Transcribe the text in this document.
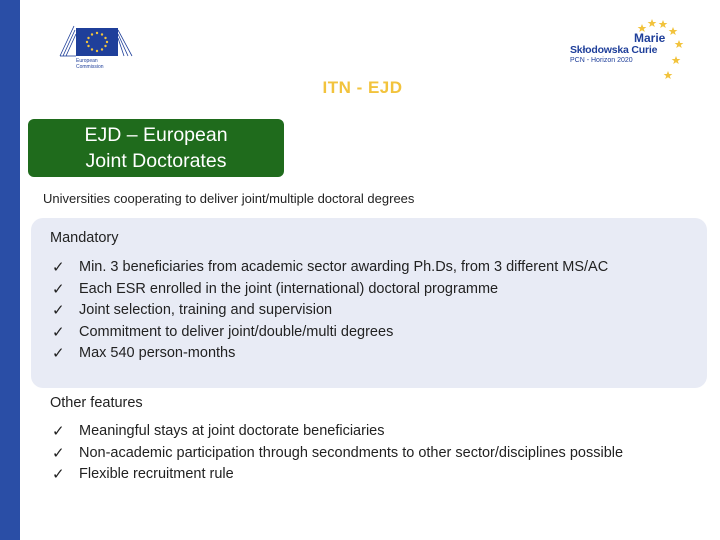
European
Commission
Marie
Skłodowska Curie
PCN - Horizon 2020
ITN - EJD
EJD – European
Joint Doctorates
Universities cooperating to deliver joint/multiple doctoral degrees
Mandatory
✓ Min. 3 beneficiaries from academic sector awarding Ph.Ds, from 3 different MS/AC
✓ Each ESR enrolled in the joint (international) doctoral programme
✓ Joint selection, training and supervision
✓ Commitment to deliver joint/double/multi degrees
✓ Max 540 person-months
Other features
✓ Meaningful stays at joint doctorate beneficiaries
✓ Non-academic participation through secondments to other sector/disciplines possible
✓ Flexible recruitment rule
